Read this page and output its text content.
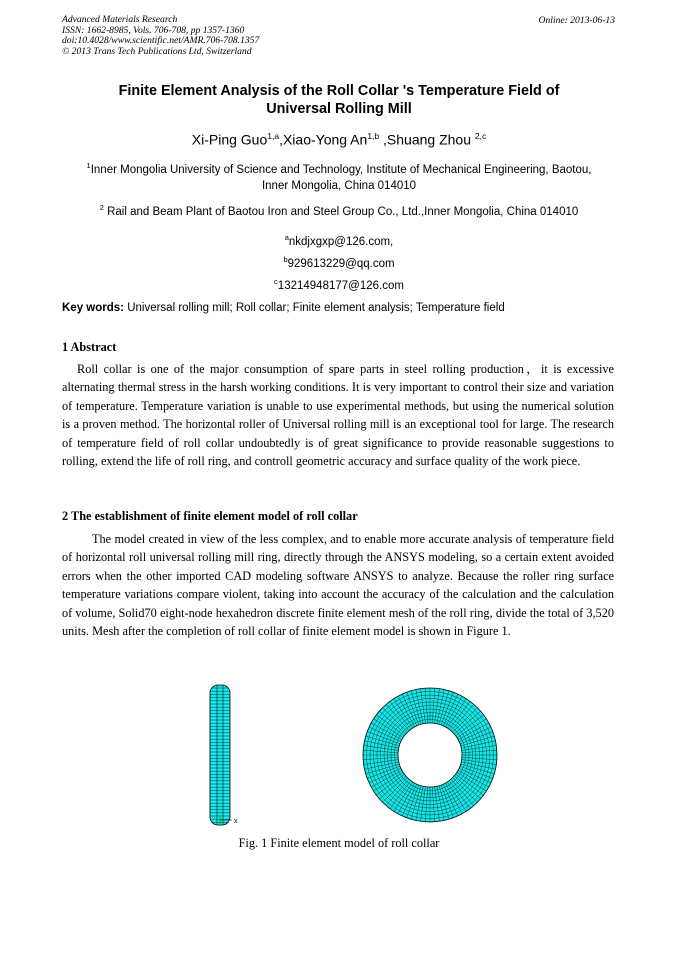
Advanced Materials Research
ISSN: 1662-8985, Vols. 706-708, pp 1357-1360
doi:10.4028/www.scientific.net/AMR.706-708.1357
© 2013 Trans Tech Publications Ltd, Switzerland
Online: 2013-06-13
Finite Element Analysis of the Roll Collar 's Temperature Field of
Universal Rolling Mill
Xi-Ping Guo$^{1,a}$,Xiao-Yong An$^{1,b}$ ,Shuang Zhou $^{2,c}$
$^1$Inner Mongolia University of Science and Technology, Institute of Mechanical Engineering, Baotou,
Inner Mongolia, China 014010
$^2$ Rail and Beam Plant of Baotou Iron and Steel Group Co., Ltd.,Inner Mongolia, China 014010
$^a$nkdjxgxp@126.com,
$^b$929613229@qq.com
$^c$13214948177@126.com
Key words: Universal rolling mill; Roll collar; Finite element analysis; Temperature field
1 Abstract

Roll collar is one of the major consumption of spare parts in steel rolling production，it is excessive alternating thermal stress in the harsh working conditions. It is very important to control their size and variation of temperature. Temperature variation is unable to use experimental methods, but using the numerical solution is a proven method. The horizontal roller of Universal rolling mill is an exceptional tool for large. The research of temperature field of roll collar undoubtedly is of great significance to provide reasonable suggestions to rolling, extend the life of roll ring, and controll geometric accuracy and surface quality of the work piece.

2 The establishment of finite element model of roll collar

The model created in view of the less complex, and to enable more accurate analysis of temperature field of horizontal roll universal rolling mill ring, directly through the ANSYS modeling, so a certain extent avoided errors when the other imported CAD modeling software ANSYS to analyze. Because the roller ring surface temperature variations compare violent, taking into account the accuracy of the calculation and the calculation of volume, Solid70 eight-node hexahedron discrete finite element mesh of the roll ring, divide the total of 3,520 units. Mesh after the completion of roll collar of finite element model is shown in Figure 1.

x
Fig. 1 Finite element model of roll collar
